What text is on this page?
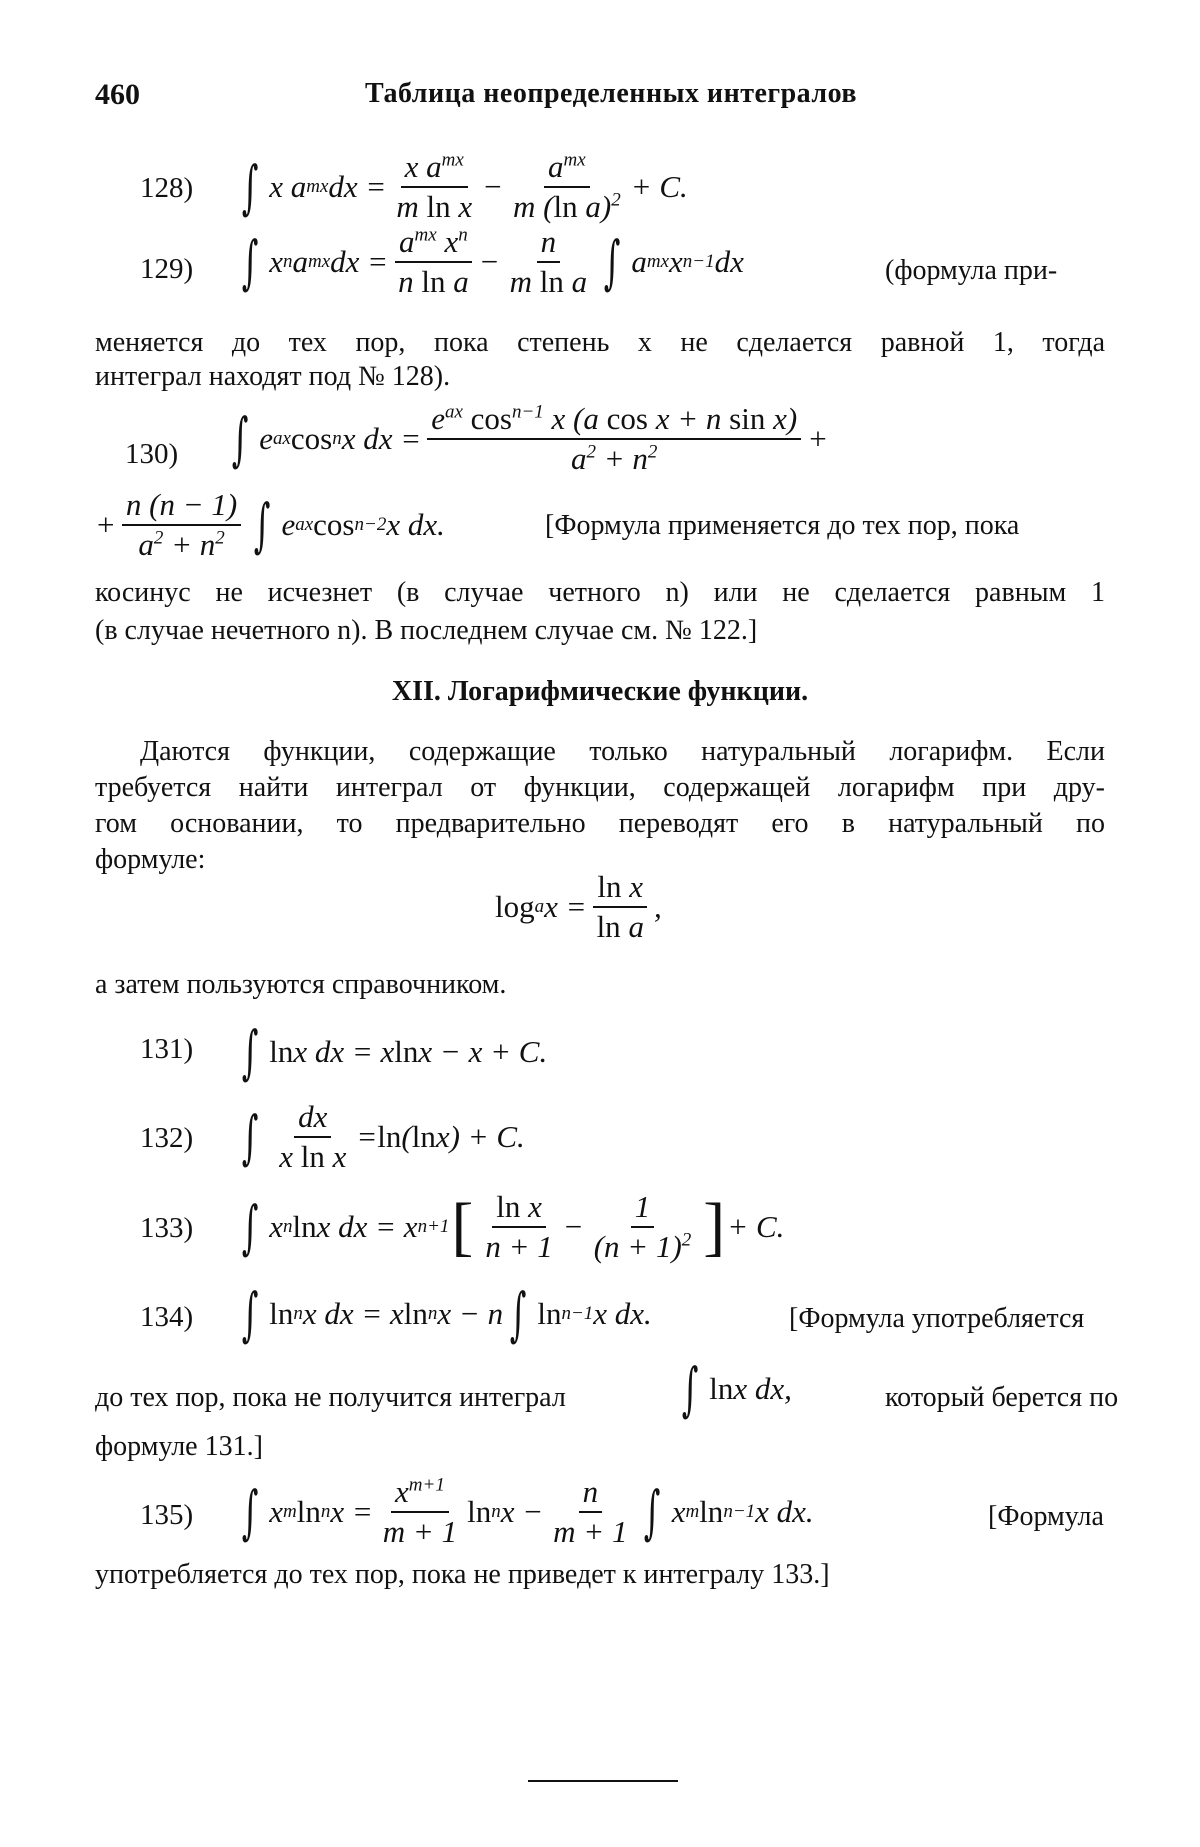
460	Таблица неопределенных интегралов
128) ∫ x a mx dx = $\frac{x a^{mx}}{\text{m ln x}} - \frac{a^{mx}}{m (\ln a)^2} + C$.
129) ∫ x n a mx dx = $\frac{a^{mx} x^n}{\text{n ln a}} - \frac{n}{\text{m ln a}}$ ∫ a mx x n−1 dx	(формула при-
меняется до тех пор, пока степень x не сделается равной 1, тогда
интеграл находят под № 128).
130) ∫ e ax cos n x dx = $\frac{e^{ax} \cos^{n-1} x (a \cos x + n \sin x)}{a^2 + n^2}$ +
+ $\frac{n (n - 1)}{a^2 + n^2}$ ∫ e ax cos n−2 x dx.	[Формула применяется до тех пор, пока
косинус не исчезнет (в случае четного n) или не сделается равным 1
(в случае нечетного n). В последнем случае см. № 122.]
XII. Логарифмические функции.
Даются функции, содержащие только натуральный логарифм. Если
требуется найти интеграл от функции, содержащей логарифм при дру-
гом основании, то предварительно переводят его в натуральный по
формуле:
log a $x = \frac{\text{ln x}}{\text{ln a}}$ ,
а затем пользуются справочником.
131) ∫ ln x dx = x ln x − x + C.
132) ∫ $\frac{dx}{\text{x ln x}} = \ln$ ( ln x) + C.
133) ∫ x n ln x dx = x n+1 [ $\frac{\text{ln x}}{n + 1} - \frac{1}{(n + 1)^2}$ ] + C.
134) ∫ ln n x dx = x ln n x − n ∫ ln n−1 x dx.	[Формула употребляется
до тех пор, пока не получится интеграл ∫ ln x dx,	который берется по
формуле 131.]
135) ∫ x m ln n $x = \frac{x^{m+1}}{m + 1}$ ln n $x - \frac{n}{m + 1}$ ∫ x m ln n−1 x dx.	[Формула
употребляется до тех пор, пока не приведет к интегралу 133.]
